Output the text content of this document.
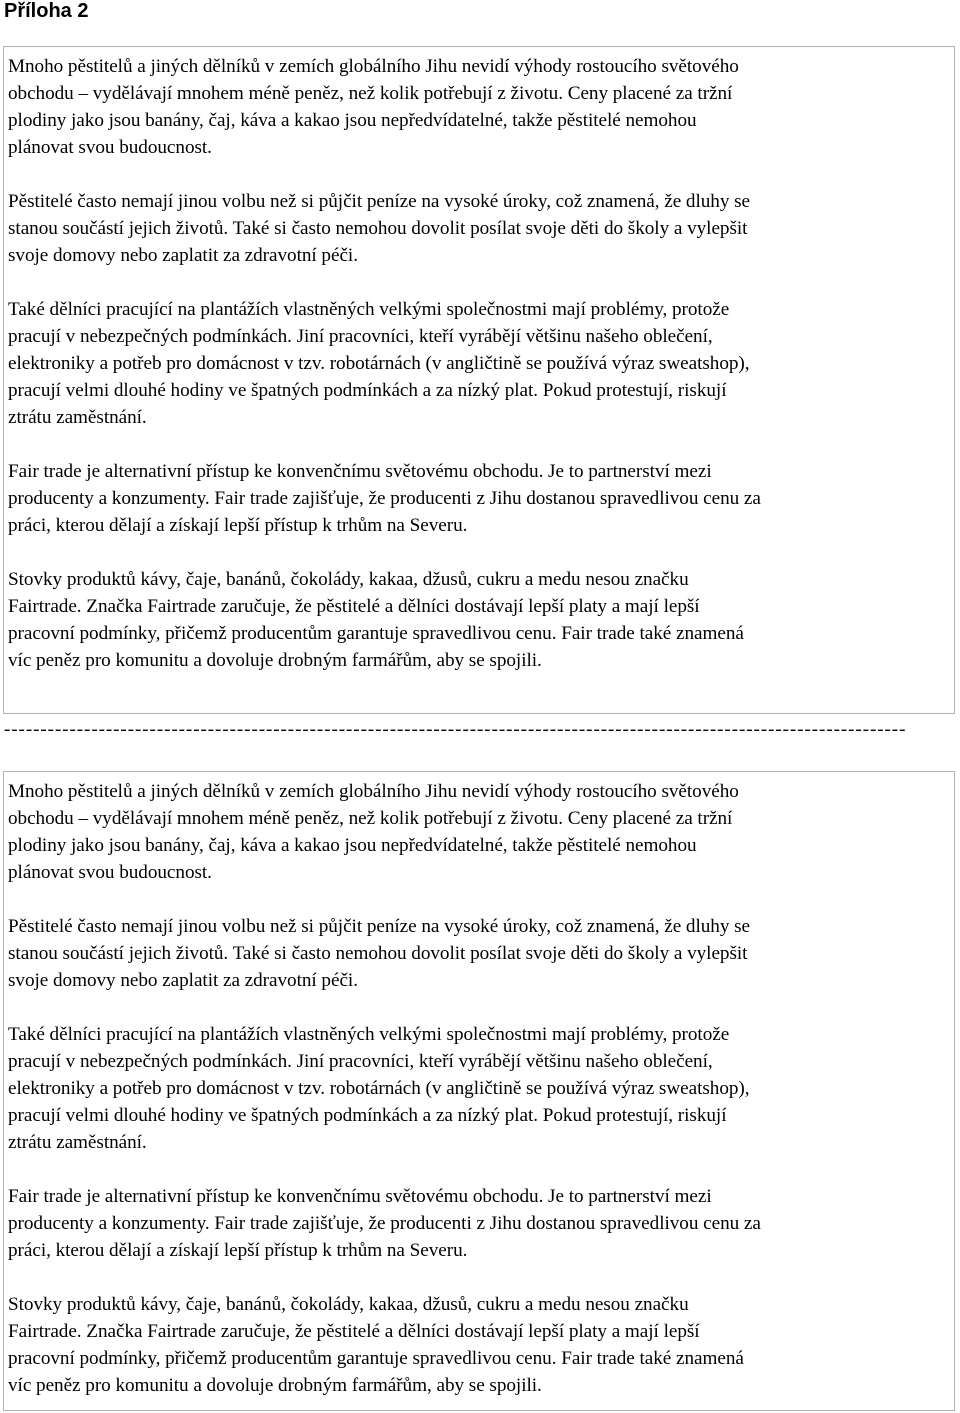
Příloha 2

Mnoho pěstitelů a jiných dělníků v zemích globálního Jihu nevidí výhody rostoucího světového
obchodu – vydělávají mnohem méně peněz, než kolik potřebují z životu. Ceny placené za tržní
plodiny jako jsou banány, čaj, káva a kakao jsou nepředvídatelné, takže pěstitelé nemohou
plánovat svou budoucnost.

Pěstitelé často nemají jinou volbu než si půjčit peníze na vysoké úroky, což znamená, že dluhy se
stanou součástí jejich životů. Také si často nemohou dovolit posílat svoje děti do školy a vylepšit
svoje domovy nebo zaplatit za zdravotní péči.

Také dělníci pracující na plantážích vlastněných velkými společnostmi mají problémy, protože
pracují v nebezpečných podmínkách. Jiní pracovníci, kteří vyrábějí většinu našeho oblečení,
elektroniky a potřeb pro domácnost v tzv. robotárnách (v angličtině se používá výraz sweatshop),
pracují velmi dlouhé hodiny ve špatných podmínkách a za nízký plat. Pokud protestují, riskují
ztrátu zaměstnání.

Fair trade je alternativní přístup ke konvenčnímu světovému obchodu. Je to partnerství mezi
producenty a konzumenty. Fair trade zajišťuje, že producenti z Jihu dostanou spravedlivou cenu za
práci, kterou dělají a získají lepší přístup k trhům na Severu.

Stovky produktů kávy, čaje, banánů, čokolády, kakaa, džusů, cukru a medu nesou značku
Fairtrade. Značka Fairtrade zaručuje, že pěstitelé a dělníci dostávají lepší platy a mají lepší
pracovní podmínky, přičemž producentům garantuje spravedlivou cenu. Fair trade také znamená
víc peněz pro komunitu a dovoluje drobným farmářům, aby se spojili.

----------------------------------------------------------------------------------------------------------------------------

Mnoho pěstitelů a jiných dělníků v zemích globálního Jihu nevidí výhody rostoucího světového
obchodu – vydělávají mnohem méně peněz, než kolik potřebují z životu. Ceny placené za tržní
plodiny jako jsou banány, čaj, káva a kakao jsou nepředvídatelné, takže pěstitelé nemohou
plánovat svou budoucnost.

Pěstitelé často nemají jinou volbu než si půjčit peníze na vysoké úroky, což znamená, že dluhy se
stanou součástí jejich životů. Také si často nemohou dovolit posílat svoje děti do školy a vylepšit
svoje domovy nebo zaplatit za zdravotní péči.

Také dělníci pracující na plantážích vlastněných velkými společnostmi mají problémy, protože
pracují v nebezpečných podmínkách. Jiní pracovníci, kteří vyrábějí většinu našeho oblečení,
elektroniky a potřeb pro domácnost v tzv. robotárnách (v angličtině se používá výraz sweatshop),
pracují velmi dlouhé hodiny ve špatných podmínkách a za nízký plat. Pokud protestují, riskují
ztrátu zaměstnání.

Fair trade je alternativní přístup ke konvenčnímu světovému obchodu. Je to partnerství mezi
producenty a konzumenty. Fair trade zajišťuje, že producenti z Jihu dostanou spravedlivou cenu za
práci, kterou dělají a získají lepší přístup k trhům na Severu.

Stovky produktů kávy, čaje, banánů, čokolády, kakaa, džusů, cukru a medu nesou značku
Fairtrade. Značka Fairtrade zaručuje, že pěstitelé a dělníci dostávají lepší platy a mají lepší
pracovní podmínky, přičemž producentům garantuje spravedlivou cenu. Fair trade také znamená
víc peněz pro komunitu a dovoluje drobným farmářům, aby se spojili.
